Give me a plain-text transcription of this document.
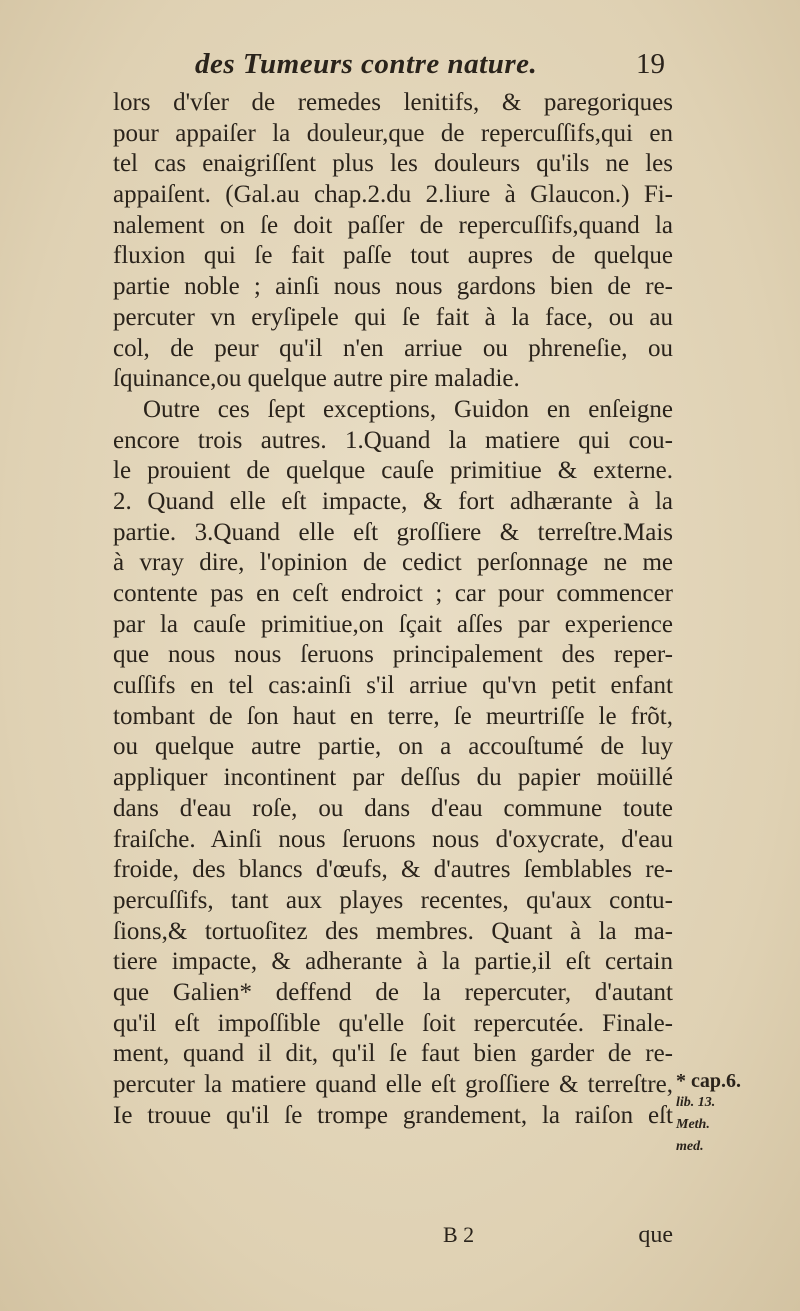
des Tumeurs contre nature.	19
lors d'vſer de remedes lenitifs, & paregoriques
pour appaiſer la douleur,que de repercuſſifs,qui en
tel cas enaigriſſent plus les douleurs qu'ils ne les
appaiſent. (Gal.au chap.2.du 2.liure à Glaucon.) Fi-
nalement on ſe doit paſſer de repercuſſifs,quand la
fluxion qui ſe fait paſſe tout aupres de quelque
partie noble ; ainſi nous nous gardons bien de re-
percuter vn eryſipele qui ſe fait à la face, ou au
col, de peur qu'il n'en arriue ou phreneſie, ou
ſquinance,ou quelque autre pire maladie.
Outre ces ſept exceptions, Guidon en enſeigne
encore trois autres. 1.Quand la matiere qui cou-
le prouient de quelque cauſe primitiue & externe.
2. Quand elle eſt impacte, & fort adhærante à la
partie. 3.Quand elle eſt groſſiere & terreſtre.Mais
à vray dire, l'opinion de cedict perſonnage ne me
contente pas en ceſt endroict ; car pour commencer
par la cauſe primitiue,on ſçait aſſes par experience
que nous nous ſeruons principalement des reper-
cuſſifs en tel cas:ainſi s'il arriue qu'vn petit enfant
tombant de ſon haut en terre, ſe meurtriſſe le frõt,
ou quelque autre partie, on a accouſtumé de luy
appliquer incontinent par deſſus du papier moüillé
dans d'eau roſe, ou dans d'eau commune toute
fraiſche. Ainſi nous ſeruons nous d'oxycrate, d'eau
froide, des blancs d'œufs, & d'autres ſemblables re-
percuſſifs, tant aux playes recentes, qu'aux contu-
ſions,& tortuoſitez des membres. Quant à la ma-
tiere impacte, & adherante à la partie,il eſt certain
que Galien* deffend de la repercuter, d'autant
qu'il eſt impoſſible qu'elle ſoit repercutée. Finale-
ment, quand il dit, qu'il ſe faut bien garder de re-
percuter la matiere quand elle eſt groſſiere & terreſtre,
Ie trouue qu'il ſe trompe grandement, la raiſon eſt
* cap.6.
lib. 13.
Meth.
med.
B 2	que
